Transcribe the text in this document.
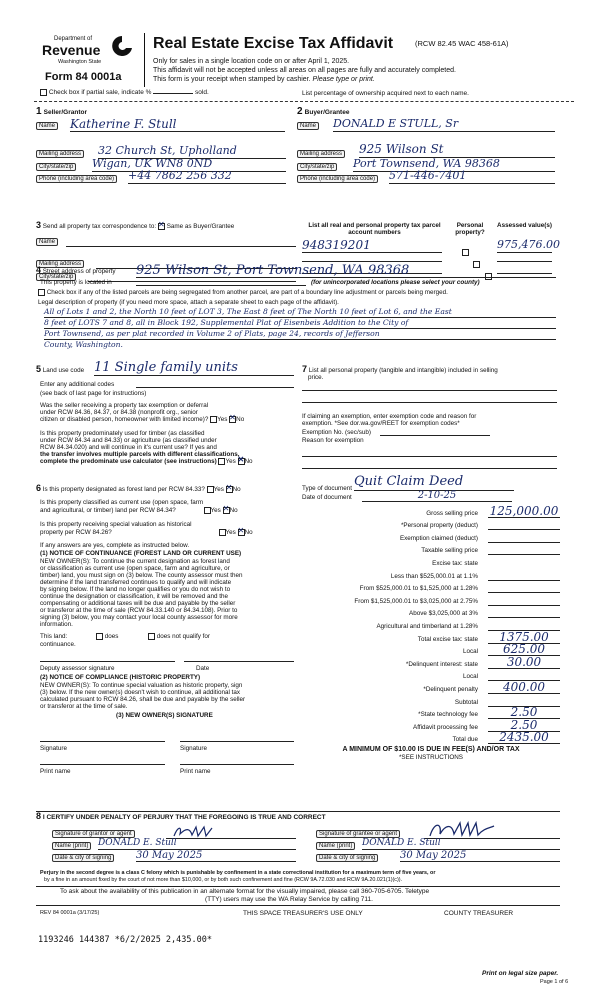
Department of
Revenue
Washington State
Form 84 0001a
Real Estate Excise Tax Affidavit	(RCW 82.45 WAC 458-61A)
Only for sales in a single location code on or after April 1, 2025.
This affidavit will not be accepted unless all areas on all pages are fully and accurately completed.
This form is your receipt when stamped by cashier. Please type or print.
Check box if partial sale, indicate %	sold.	List percentage of ownership acquired next to each name.
1 Seller/Grantor
Name Katherine F. Stull
Mailing address 32 Church St, Upholland
City/state/zip Wigan, UK WN8 0ND
Phone (including area code) +44 7862 256 332
2 Buyer/Grantee
Name DONALD E STULL, Sr
Mailing address 925 Wilson St
City/state/zip Port Townsend, WA 98368
Phone (including area code) 571-446-7401
3 Send all property tax correspondence to: ✕ Same as Buyer/Grantee
Name
Mailing address
City/state/zip
List all real and personal property tax parcel account numbers
Personal property?
Assessed value(s)
948319201	975,476.00

4 Street address of property 925 Wilson St, Port Townsend, WA 98368
This property is located in	(for unincorporated locations please select your county)
Check box if any of the listed parcels are being segregated from another parcel, are part of a boundary line adjustment or parcels being merged.
Legal description of property (if you need more space, attach a separate sheet to each page of the affidavit).
All of Lots 1 and 2, the North 10 feet of LOT 3, The East 8 feet of The North 10 feet of Lot 6, and the East
8 feet of LOTS 7 and 8, all in Block 192, Supplemental Plat of Eisenbeis Addition to the City of
Port Townsend, as per plat recorded in Volume 2 of Plats, page 24, records of Jefferson
County, Washington.
5 Land use code 11 Single family units
Enter any additional codes
(see back of last page for instructions)
Was the seller receiving a property tax exemption or deferral
under RCW 84.36, 84.37, or 84.38 (nonprofit org., senior
citizen or disabled person, homeowner with limited income)? Yes ✕ No
Is this property predominately used for timber (as classified
under RCW 84.34 and 84.33) or agriculture (as classified under
RCW 84.34.020) and will continue in it's current use? If yes and
the transfer involves multiple parcels with different classifications,
complete the predominate use calculator (see instructions) Yes ✕ No
6 Is this property designated as forest land per RCW 84.33? Yes ✕ No
Is this property classified as current use (open space, farm
and agricultural, or timber) land per RCW 84.34?	Yes ✕ No
Is this property receiving special valuation as historical
property per RCW 84.26?	Yes ✕ No
If any answers are yes, complete as instructed below.
(1) NOTICE OF CONTINUANCE (FOREST LAND OR CURRENT USE)
NEW OWNER(S): To continue the current designation as forest land
or classification as current use (open space, farm and agriculture, or
timber) land, you must sign on (3) below. The county assessor must then
determine if the land transferred continues to qualify and will indicate
by signing below. If the land no longer qualifies or you do not wish to
continue the designation or classification, it will be removed and the
compensating or additional taxes will be due and payable by the seller
or transferor at the time of sale (RCW 84.33.140 or 84.34.108). Prior to
signing (3) below, you may contact your local county assessor for more
information.
This land:	does	does not qualify for
continuance.
Deputy assessor signature	Date
(2) NOTICE OF COMPLIANCE (HISTORIC PROPERTY)
NEW OWNER(S): To continue special valuation as historic property, sign
(3) below. If the new owner(s) doesn't wish to continue, all additional tax
calculated pursuant to RCW 84.26, shall be due and payable by the seller
or transferor at the time of sale.
(3) NEW OWNER(S) SIGNATURE
Signature	Signature
Print name	Print name
7 List all personal property (tangible and intangible) included in selling
price.
If claiming an exemption, enter exemption code and reason for
exemption. *See dor.wa.gov/REET for exemption codes*
Exemption No. (sec/sub)
Reason for exemption
Type of document Quit Claim Deed
Date of document	2-10-25
Gross selling price 125,000.00
*Personal property (deduct)
Exemption claimed (deduct)
Taxable selling price
Excise tax: state
Less than $525,000.01 at 1.1%
From $525,000.01 to $1,525,000 at 1.28%
From $1,525,000.01 to $3,025,000 at 2.75%
Above $3,025,000 at 3%
Agricultural and timberland at 1.28%
Total excise tax: state	1375.00
Local	625.00
*Delinquent interest: state	30.00
Local
*Delinquent penalty	400.00
Subtotal
*State technology fee	2.50
Affidavit processing fee	2.50
Total due	2435.00
A MINIMUM OF $10.00 IS DUE IN FEE(S) AND/OR TAX
*SEE INSTRUCTIONS
8 I CERTIFY UNDER PENALTY OF PERJURY THAT THE FOREGOING IS TRUE AND CORRECT
Signature of grantor or agent
Name (print)	DONALD E. Stull
Date & city of signing	30 May 2025
Signature of grantee or agent
Name (print)	DONALD E. Stull
Date & city of signing	30 May 2025
Perjury in the second degree is a class C felony which is punishable by confinement in a state correctional institution for a maximum term of five years, or
by a fine in an amount fixed by the court of not more than $10,000, or by both such confinement and fine (RCW 9A.72.030 and RCW 9A.20.021(1)(c)).
To ask about the availability of this publication in an alternate format for the visually impaired, please call 360-705-6705. Teletype
(TTY) users may use the WA Relay Service by calling 711.
REV 84 0001a (3/17/25)	THIS SPACE TREASURER'S USE ONLY	COUNTY TREASURER
1193246 144387 *6/2/2025 2,435.00*
Print on legal size paper.
Page 1 of 6
